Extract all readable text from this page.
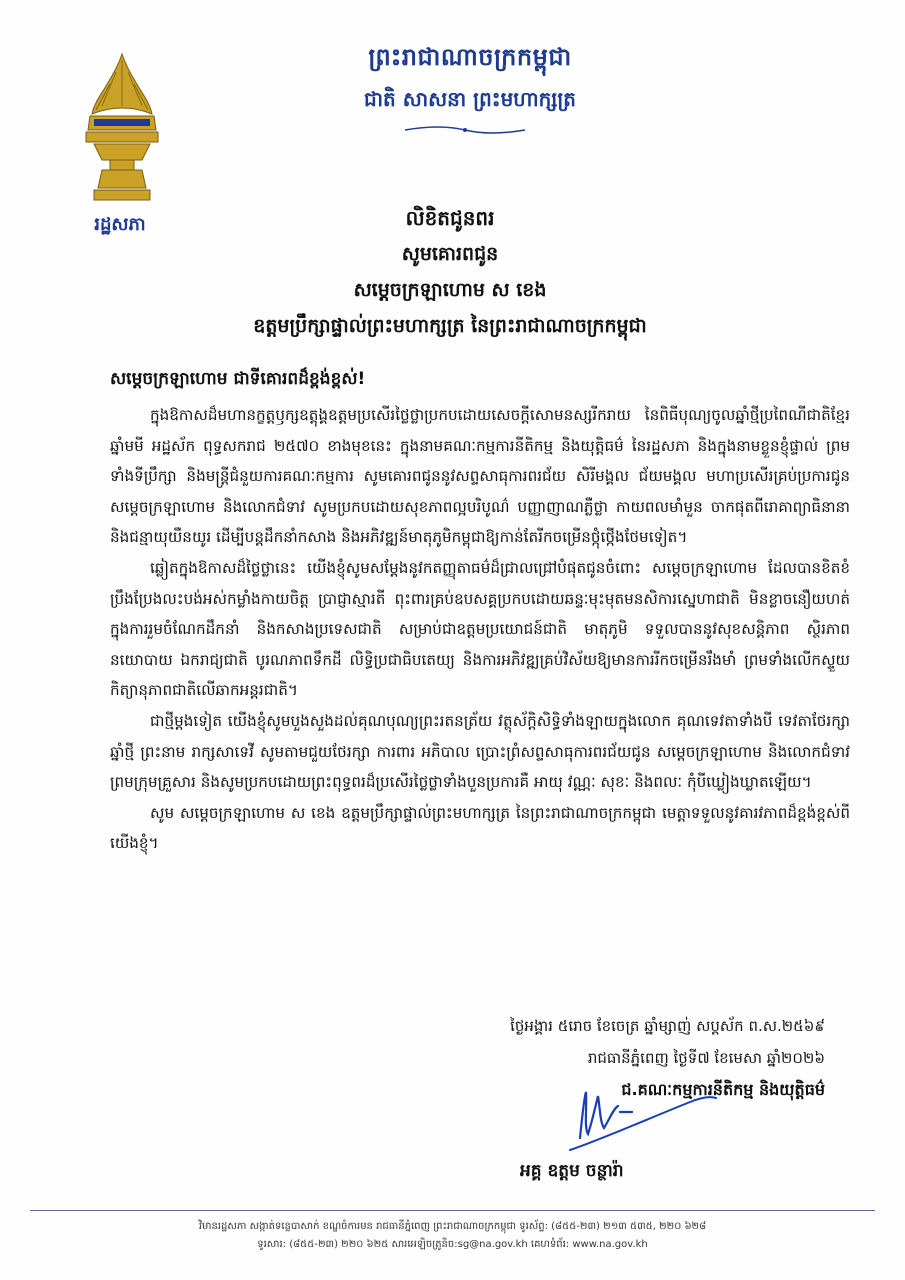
រដ្ឋសភា
ព្រះរាជាណាចក្រកម្ពុជា
ជាតិ សាសនា ព្រះមហាក្សត្រ
លិខិតជូនពរ
សូមគោរពជូន
សម្ដេចក្រឡាហោម ស ខេង
ឧត្តមប្រឹក្សាផ្ទាល់ព្រះមហាក្សត្រ នៃព្រះរាជាណាចក្រកម្ពុជា
សម្ដេចក្រឡាហោម ជាទីគោរពដ៏ខ្ពង់ខ្ពស់!

ក្នុងឱកាសដ៏មហានក្ខត្តឫក្សឧត្តុង្គឧត្តមប្រសើរថ្លៃថ្លាប្រកបដោយសេចក្ដីសោមនស្សរីករាយ នៃពិធីបុណ្យចូលឆ្នាំថ្មីប្រពៃណីជាតិខ្មែរ ឆ្នាំមមី អដ្ឋស័ក ពុទ្ធសករាជ ២៥៧០ ខាងមុខនេះ ក្នុងនាមគណៈកម្មការនីតិកម្ម និងយុត្តិធម៌ នៃរដ្ឋសភា និងក្នុងនាមខ្លួនខ្ញុំផ្ទាល់ ព្រមទាំងទីប្រឹក្សា និងមន្ត្រីជំនួយការគណៈកម្មការ សូមគោរពជូននូវសព្ទសាធុការពរជ័យ សិរីមង្គល ជ័យមង្គល មហាប្រសើរគ្រប់ប្រការជូន សម្ដេចក្រឡាហោម និងលោកជំទាវ សូមប្រកបដោយសុខភាពល្អបរិបូណ៌ បញ្ញាញាណភ្លឺថ្លា កាយពលមាំមួន ចាកផុតពីរោគាព្យាធិនានា និងជន្មាយុយឺនយូរ ដើម្បីបន្តដឹកនាំកសាង និងអភិវឌ្ឍន៍មាតុភូមិកម្ពុជាឱ្យកាន់តែរីកចម្រើនថ្កុំថ្កើងថែមទៀត។

ឆ្លៀតក្នុងឱកាសដ៏ថ្លៃថ្លានេះ យើងខ្ញុំសូមសម្ដែងនូវកតញ្ញុតាធម៌ដ៏ជ្រាលជ្រៅបំផុតជូនចំពោះ សម្ដេចក្រឡាហោម ដែលបានខិតខំប្រឹងប្រែងលះបង់អស់កម្លាំងកាយចិត្ត ប្រាជ្ញាស្មារតី ពុះពារគ្រប់ឧបសគ្គប្រកបដោយឆន្ទៈមុះមុតមនសិការស្នេហាជាតិ មិនខ្លាចនឿយហត់ក្នុងការរួមចំណែកដឹកនាំ និងកសាងប្រទេសជាតិ សម្រាប់ជាឧត្តមប្រយោជន៍ជាតិ មាតុភូមិ ទទួលបាននូវសុខសន្តិភាព ស្ថិរភាពនយោបាយ ឯករាជ្យជាតិ បូរណភាពទឹកដី លិទ្ធិប្រជាធិបតេយ្យ និងការអភិវឌ្ឍគ្រប់វិស័យឱ្យមានការរីកចម្រើនរឹងមាំ ព្រមទាំងលើកស្ទួយកិត្យានុភាពជាតិលើឆាកអន្តរជាតិ។

ជាថ្មីម្ដងទៀត យើងខ្ញុំសូមបួងសួងដល់គុណបុណ្យព្រះរតនត្រ័យ វត្ថុស័ក្តិសិទ្ធិទាំងឡាយក្នុងលោក គុណទេវតាទាំងបី ទេវតាថែរក្សាឆ្នាំថ្មី ព្រះនាម រាក្សសាទេវី សូមតាមជួយថែរក្សា ការពារ អភិបាល ប្រោះព្រំសព្ទសាធុការពរជ័យជូន សម្ដេចក្រឡាហោម និងលោកជំទាវ ព្រមក្រុមគ្រួសារ និងសូមប្រកបដោយព្រះពុទ្ធពរដ៏ប្រសើរថ្លៃថ្លាទាំងបួនប្រការគឺ អាយុ វណ្ណៈ សុខៈ និងពលៈ កុំបីឃ្លៀងឃ្លាតឡើយ។

សូម សម្ដេចក្រឡាហោម ស ខេង ឧត្តមប្រឹក្សាផ្ទាល់ព្រះមហាក្សត្រ នៃព្រះរាជាណាចក្រកម្ពុជា មេត្តាទទួលនូវគារវភាពដ៏ខ្ពង់ខ្ពស់ពីយើងខ្ញុំ។

ថ្ងៃអង្គារ ៥រោច ខែចេត្រ ឆ្នាំម្សាញ់ សប្តស័ក ព.ស.២៥៦៩
រាជធានីភ្នំពេញ ថ្ងៃទី៧ ខែមេសា ឆ្នាំ២០២៦
ជ.គណៈកម្មការនីតិកម្ម និងយុត្តិធម៌
អគ្គ ឧត្តម ចន្ថារ៉ា
វិមានរដ្ឋសភា សង្កាត់ទន្លេបាសាក់ ខណ្ឌចំការមន រាជធានីភ្នំពេញ ព្រះរាជាណាចក្រកម្ពុជា ទូរស័ព្ទ: (៨៥៥-២៣) ២១៣ ៥៣៥, ២២០ ៦២៨
ទូរសារ: (៨៥៥-២៣) ២២០ ៦២៥ សារអេឡិចត្រូនិច:sg@na.gov.kh គេហទំព័រ: www.na.gov.kh
